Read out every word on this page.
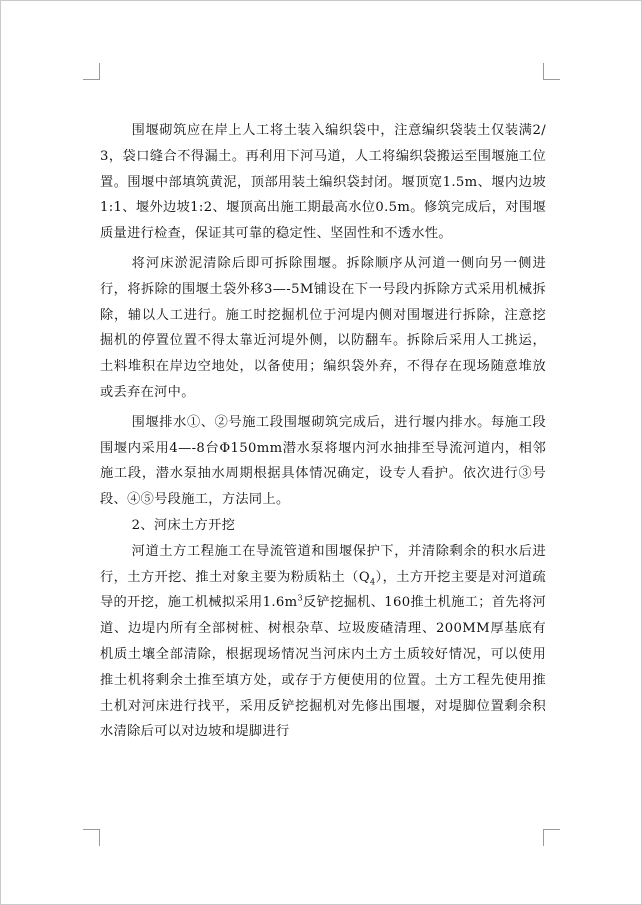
围堰砌筑应在岸上人工将土装入编织袋中，注意编织袋装土仅装满2/3，袋口缝合不得漏土。再利用下河马道，人工将编织袋搬运至围堰施工位置。围堰中部填筑黄泥，顶部用装土编织袋封闭。堰顶宽1.5m、堰内边坡1:1、堰外边坡1:2、堰顶高出施工期最高水位0.5m。修筑完成后，对围堰质量进行检查，保证其可靠的稳定性、坚固性和不透水性。

将河床淤泥清除后即可拆除围堰。拆除顺序从河道一侧向另一侧进行，将拆除的围堰土袋外移3—-5M铺设在下一号段内拆除方式采用机械拆除，辅以人工进行。施工时挖掘机位于河堤内侧对围堰进行拆除，注意挖掘机的停置位置不得太靠近河堤外侧，以防翻车。拆除后采用人工挑运，土料堆积在岸边空地处，以备使用；编织袋外弃，不得存在现场随意堆放或丢弃在河中。

围堰排水①、②号施工段围堰砌筑完成后，进行堰内排水。每施工段围堰内采用4—-8台Φ150mm潜水泵将堰内河水抽排至导流河道内，相邻施工段，潜水泵抽水周期根据具体情况确定，设专人看护。依次进行③号段、④⑤号段施工，方法同上。

2、河床土方开挖

河道土方工程施工在导流管道和围堰保护下，并清除剩余的积水后进行，土方开挖、推土对象主要为粉质粘土$(Q_4)$，土方开挖主要是对河道疏导的开挖，施工机械拟采用$1.6m^3$反铲挖掘机、160推土机施工；首先将河道、边堤内所有全部树桩、树根杂草、垃圾废碴清理、200MM厚基底有机质土壤全部清除，根据现场情况当河床内土方土质较好情况，可以使用推土机将剩余土推至填方处，或存于方便使用的位置。土方工程先使用推土机对河床进行找平，采用反铲挖掘机对先修出围堰，对堤脚位置剩余积水清除后可以对边坡和堤脚进行
